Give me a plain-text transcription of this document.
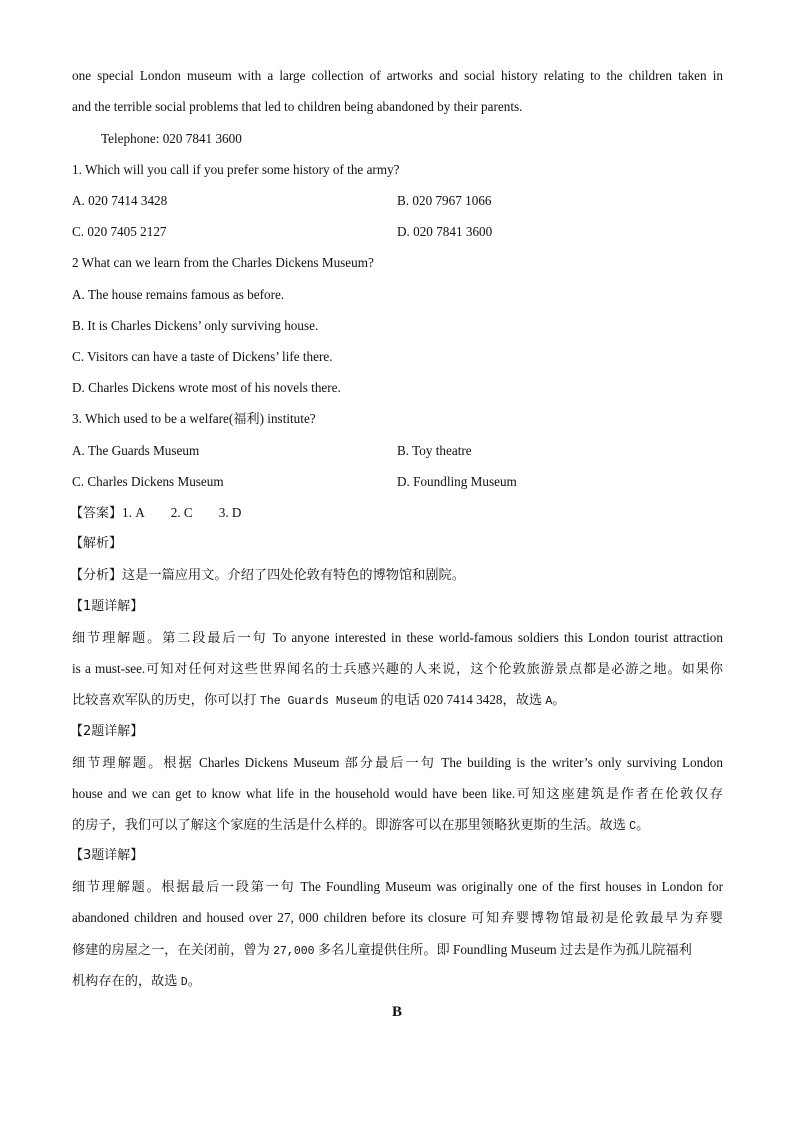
one special London museum with a large collection of artworks and social history relating to the children taken in
and the terrible social problems that led to children being abandoned by their parents.
Telephone: 020 7841 3600
1. Which will you call if you prefer some history of the army?
A. 020 7414 3428	B. 020 7967 1066
C. 020 7405 2127	D. 020 7841 3600
2 What can we learn from the Charles Dickens Museum?
A. The house remains famous as before.
B. It is Charles Dickens’ only surviving house.
C. Visitors can have a taste of Dickens’ life there.
D. Charles Dickens wrote most of his novels there.
3. Which used to be a welfare(福利) institute?
A. The Guards Museum	B. Toy theatre
C. Charles Dickens Museum	D. Foundling Museum
【答案】1. A 2. C 3. D
【解析】
【分析】这是一篇应用文。介绍了四处伦敦有特色的博物馆和剧院。
【1题详解】
细节理解题。第二段最后一句 To anyone interested in these world-famous soldiers this London tourist attraction
is a must-see.可知对任何对这些世界闻名的士兵感兴趣的人来说，这个伦敦旅游景点都是必游之地。如果你
比较喜欢军队的历史，你可以打 The Guards Museum 的电话 020 7414 3428，故选 A。
【2题详解】
细节理解题。根据 Charles Dickens Museum 部分最后一句 The building is the writer’s only surviving London
house and we can get to know what life in the household would have been like.可知这座建筑是作者在伦敦仅存
的房子，我们可以了解这个家庭的生活是什么样的。即游客可以在那里领略狄更斯的生活。故选 C。
【3题详解】
细节理解题。根据最后一段第一句 The Foundling Museum was originally one of the first houses in London for
abandoned children and housed over 27, 000 children before its closure 可知弃婴博物馆最初是伦敦最早为弃婴
修建的房屋之一，在关闭前，曾为 27,000 多名儿童提供住所。即 Foundling Museum 过去是作为孤儿院福利
机构存在的，故选 D。
B
